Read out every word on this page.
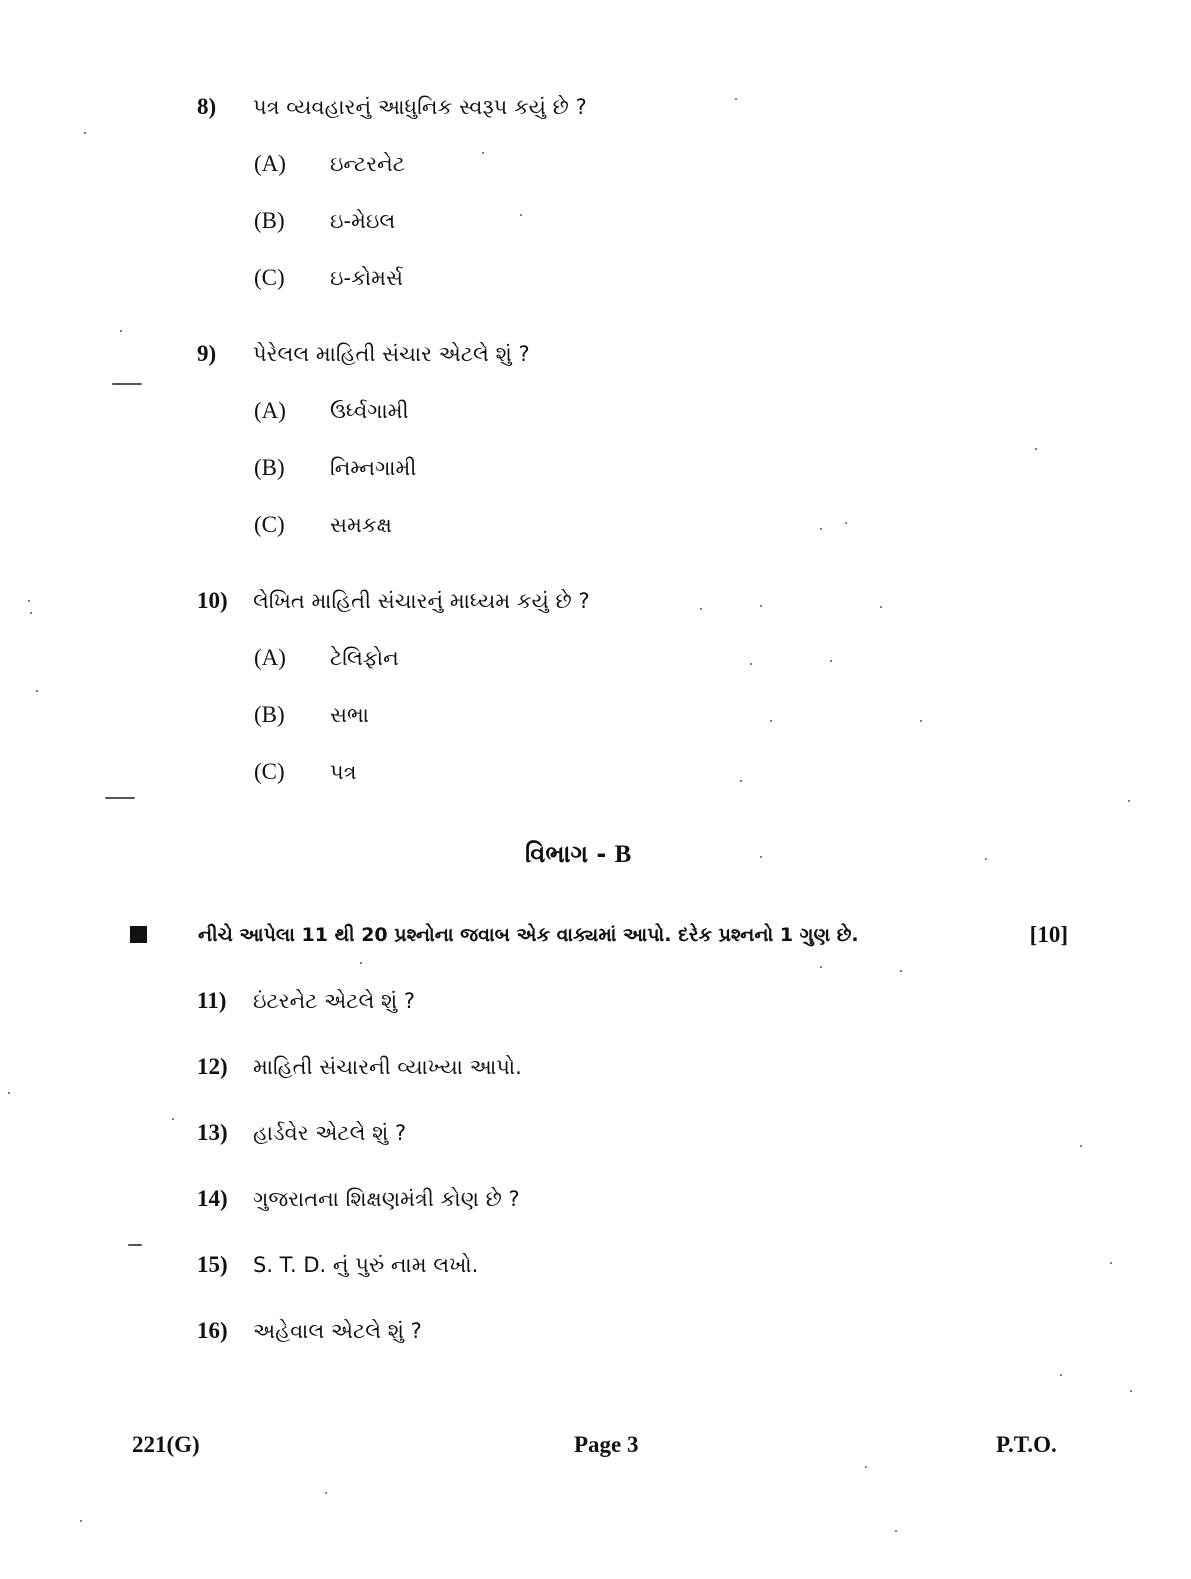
8) પત્ર વ્યવહારનું આધુનિક સ્વરૂપ કયું છે ?
(A) ઇન્ટરનેટ
(B) ઇ-મેઇલ
(C) ઇ-કોમર્સ
9) પેરેલલ માહિતી સંચાર એટલે શું ?
(A) ઉર્ધ્વગામી
(B) નિમ્નગામી
(C) સમકક્ષ
10) લેખિત માહિતી સંચારનું માધ્યમ કયું છે ?
(A) ટેલિફોન
(B) સભા
(C) પત્ર
વિભાગ - B
નીચે આપેલા 11 થી 20 પ્રશ્નોના જવાબ એક વાક્યમાં આપો. દરેક પ્રશ્નનો 1 ગુણ છે.	[10]
11) ઇંટરનેટ એટલે શું ?
12) માહિતી સંચારની વ્યાખ્યા આપો.
13) હાર્ડવેર એટલે શું ?
14) ગુજરાતના શિક્ષણમંત્રી કોણ છે ?
15) S. T. D. નું પુરું નામ લખો.
16) અહેવાલ એટલે શું ?
221(G)	Page 3	P.T.O.
